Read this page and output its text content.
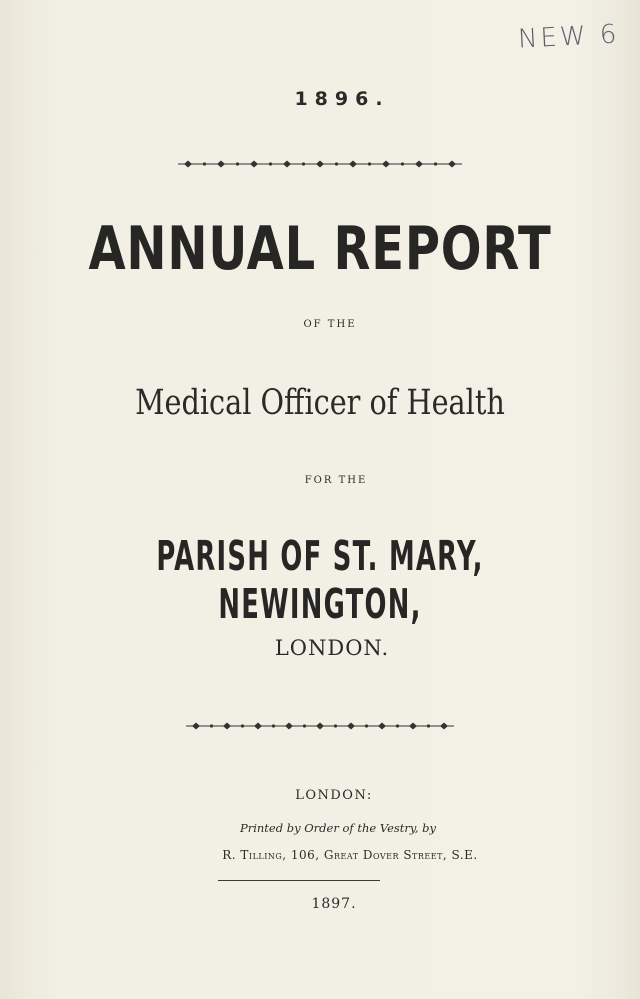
NEW 6

1896.

ANNUAL REPORT

OF THE

Medical Officer of Health

FOR THE

PARISH OF ST. MARY, NEWINGTON,

LONDON.

LONDON:

Printed by Order of the Vestry, by

R. Tilling, 106, Great Dover Street, S.E.

1897.
